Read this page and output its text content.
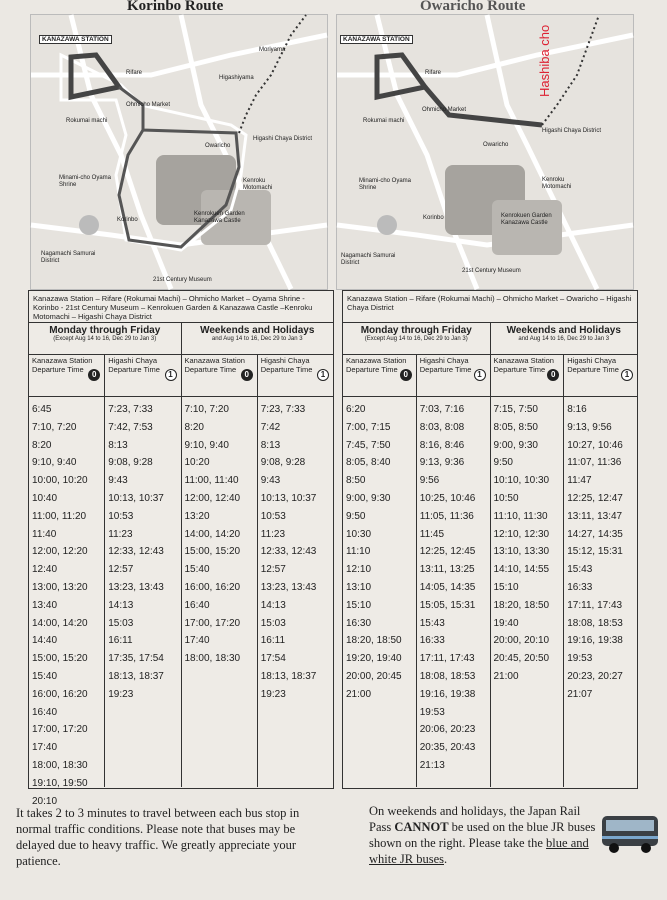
Korinbo Route
KANAZAWA STATION
Moriyama
Higashiyama
Rifare
Ohmicho Market
Rokumai machi
Owaricho
Higashi Chaya District
Minami-cho Oyama Shrine
Kenroku Motomachi
Korinbo
Kenrokuen Garden Kanazawa Castle
Nagamachi Samurai District
21st Century Museum
Kanazawa Station – Rifare (Rokumai Machi) – Ohmicho Market – Oyama Shrine - Korinbo - 21st Century Museum – Kenrokuen Garden & Kanazawa Castle –Kenroku Motomachi – Higashi Chaya District
Monday through Friday
(Except Aug 14 to 16, Dec 29 to Jan 3)
Weekends and Holidays
and Aug 14 to 16, Dec 29 to Jan 3
Kanazawa Station Departure Time
0
Higashi Chaya Departure Time
1
Kanazawa Station Departure Time
0
Higashi Chaya Departure Time
1
6:45
7:10, 7:20
8:20
9:10, 9:40
10:00, 10:20
10:40
11:00, 11:20
11:40
12:00, 12:20
12:40
13:00, 13:20
13:40
14:00, 14:20
14:40
15:00, 15:20
15:40
16:00, 16:20
16:40
17:00, 17:20
17:40
18:00, 18:30
19:10, 19:50
20:10
7:23, 7:33
7:42, 7:53
8:13
9:08, 9:28
9:43
10:13, 10:37
10:53
11:23
12:33, 12:43
12:57
13:23, 13:43
14:13
15:03
16:11
17:35, 17:54
18:13, 18:37
19:23
7:10, 7:20
8:20
9:10, 9:40
10:20
11:00, 11:40
12:00, 12:40
13:20
14:00, 14:20
15:00, 15:20
15:40
16:00, 16:20
16:40
17:00, 17:20
17:40
18:00, 18:30
7:23, 7:33
7:42
8:13
9:08, 9:28
9:43
10:13, 10:37
10:53
11:23
12:33, 12:43
12:57
13:23, 13:43
14:13
15:03
16:11
17:54
18:13, 18:37
19:23
Owaricho Route
Hashiba cho
KANAZAWA STATION
Rifare
Ohmicho Market
Rokumai machi
Owaricho
Higashi Chaya District
Minami-cho Oyama Shrine
Kenroku Motomachi
Korinbo	Kenrokuen Garden Kanazawa Castle
Nagamachi Samurai District
21st Century Museum
Kanazawa Station – Rifare (Rokumai Machi) – Ohmicho Market – Owaricho – Higashi Chaya District
Monday through Friday
(Except Aug 14 to 16, Dec 29 to Jan 3)
Weekends and Holidays
and Aug 14 to 16, Dec 29 to Jan 3
Kanazawa Station Departure Time
0
Higashi Chaya Departure Time
1
Kanazawa Station Departure Time
0
Higashi Chaya Departure Time
1
6:20
7:00, 7:15
7:45, 7:50
8:05, 8:40
8:50
9:00, 9:30
9:50
10:30
11:10
12:10
13:10
15:10
16:30
18:20, 18:50
19:20, 19:40
20:00, 20:45
21:00
7:03, 7:16
8:03, 8:08
8:16, 8:46
9:13, 9:36
9:56
10:25, 10:46
11:05, 11:36
11:45
12:25, 12:45
13:11, 13:25
14:05, 14:35
15:05, 15:31
15:43
16:33
17:11, 17:43
18:08, 18:53
19:16, 19:38
19:53
20:06, 20:23
20:35, 20:43
21:13
7:15, 7:50
8:05, 8:50
9:00, 9:30
9:50
10:10, 10:30
10:50
11:10, 11:30
12:10, 12:30
13:10, 13:30
14:10, 14:55
15:10
18:20, 18:50
19:40
20:00, 20:10
20:45, 20:50
21:00
8:16
9:13, 9:56
10:27, 10:46
11:07, 11:36
11:47
12:25, 12:47
13:11, 13:47
14:27, 14:35
15:12, 15:31
15:43
16:33
17:11, 17:43
18:08, 18:53
19:16, 19:38
19:53
20:23, 20:27
21:07
It takes 2 to 3 minutes to travel between each bus stop in normal traffic conditions. Please note that buses may be delayed due to heavy traffic. We greatly appreciate your patience.
On weekends and holidays, the Japan Rail Pass CANNOT be used on the blue JR buses shown on the right. Please take the blue and white JR buses.
